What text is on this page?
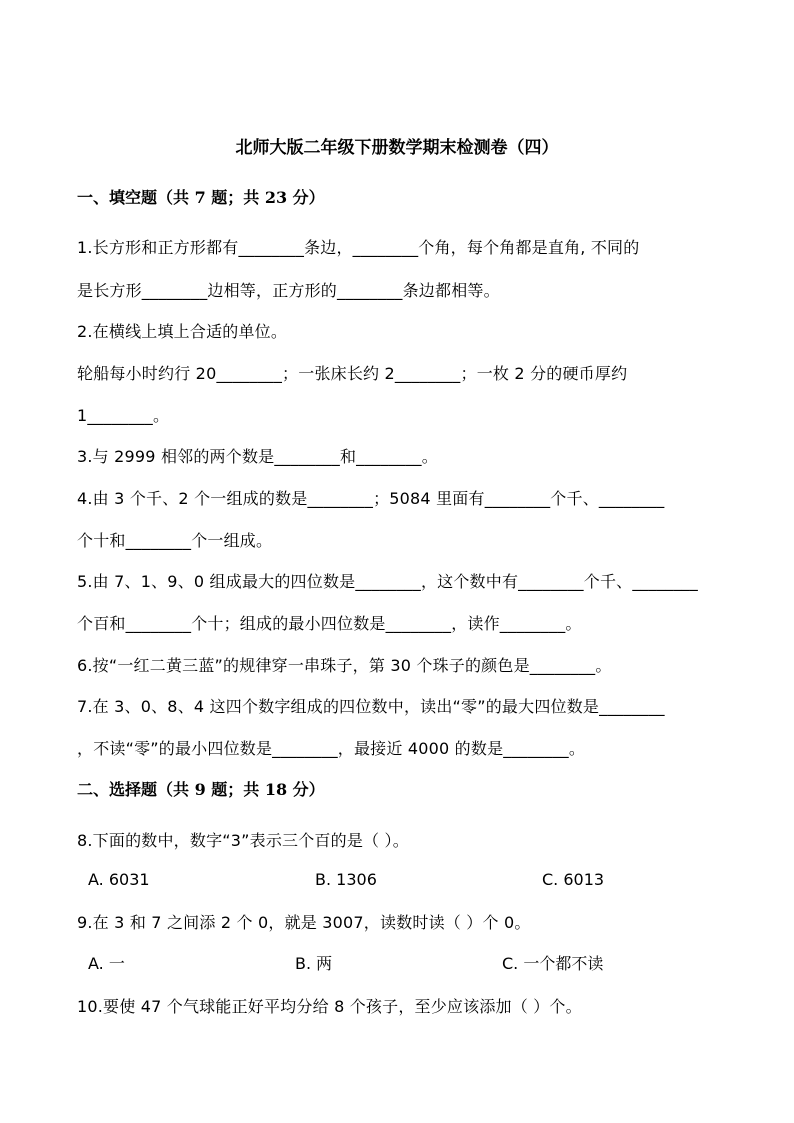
北师大版二年级下册数学期末检测卷（四）
一、填空题（共 7 题；共 23 分）
1.长方形和正方形都有________条边，________个角，每个角都是直角, 不同的
是长方形________边相等，正方形的________条边都相等。
2.在横线上填上合适的单位。
轮船每小时约行 20________；一张床长约 2________；一枚 2 分的硬币厚约
1________。
3.与 2999 相邻的两个数是________和________。
4.由 3 个千、2 个一组成的数是________；5084 里面有________个千、________
个十和________个一组成。
5.由 7、1、9、0 组成最大的四位数是________，这个数中有________个千、________
个百和________个十；组成的最小四位数是________，读作________。
6.按“一红二黄三蓝”的规律穿一串珠子，第 30 个珠子的颜色是________。
7.在 3、0、8、4 这四个数字组成的四位数中，读出“零”的最大四位数是________
，不读“零”的最小四位数是________，最接近 4000 的数是________。
二、选择题（共 9 题；共 18 分）
8.下面的数中，数字“3”表示三个百的是（ ）。
A. 6031	B. 1306	C. 6013
9.在 3 和 7 之间添 2 个 0，就是 3007，读数时读（ ）个 0。
A. 一	B. 两	C. 一个都不读
10.要使 47 个气球能正好平均分给 8 个孩子，至少应该添加（ ）个。
